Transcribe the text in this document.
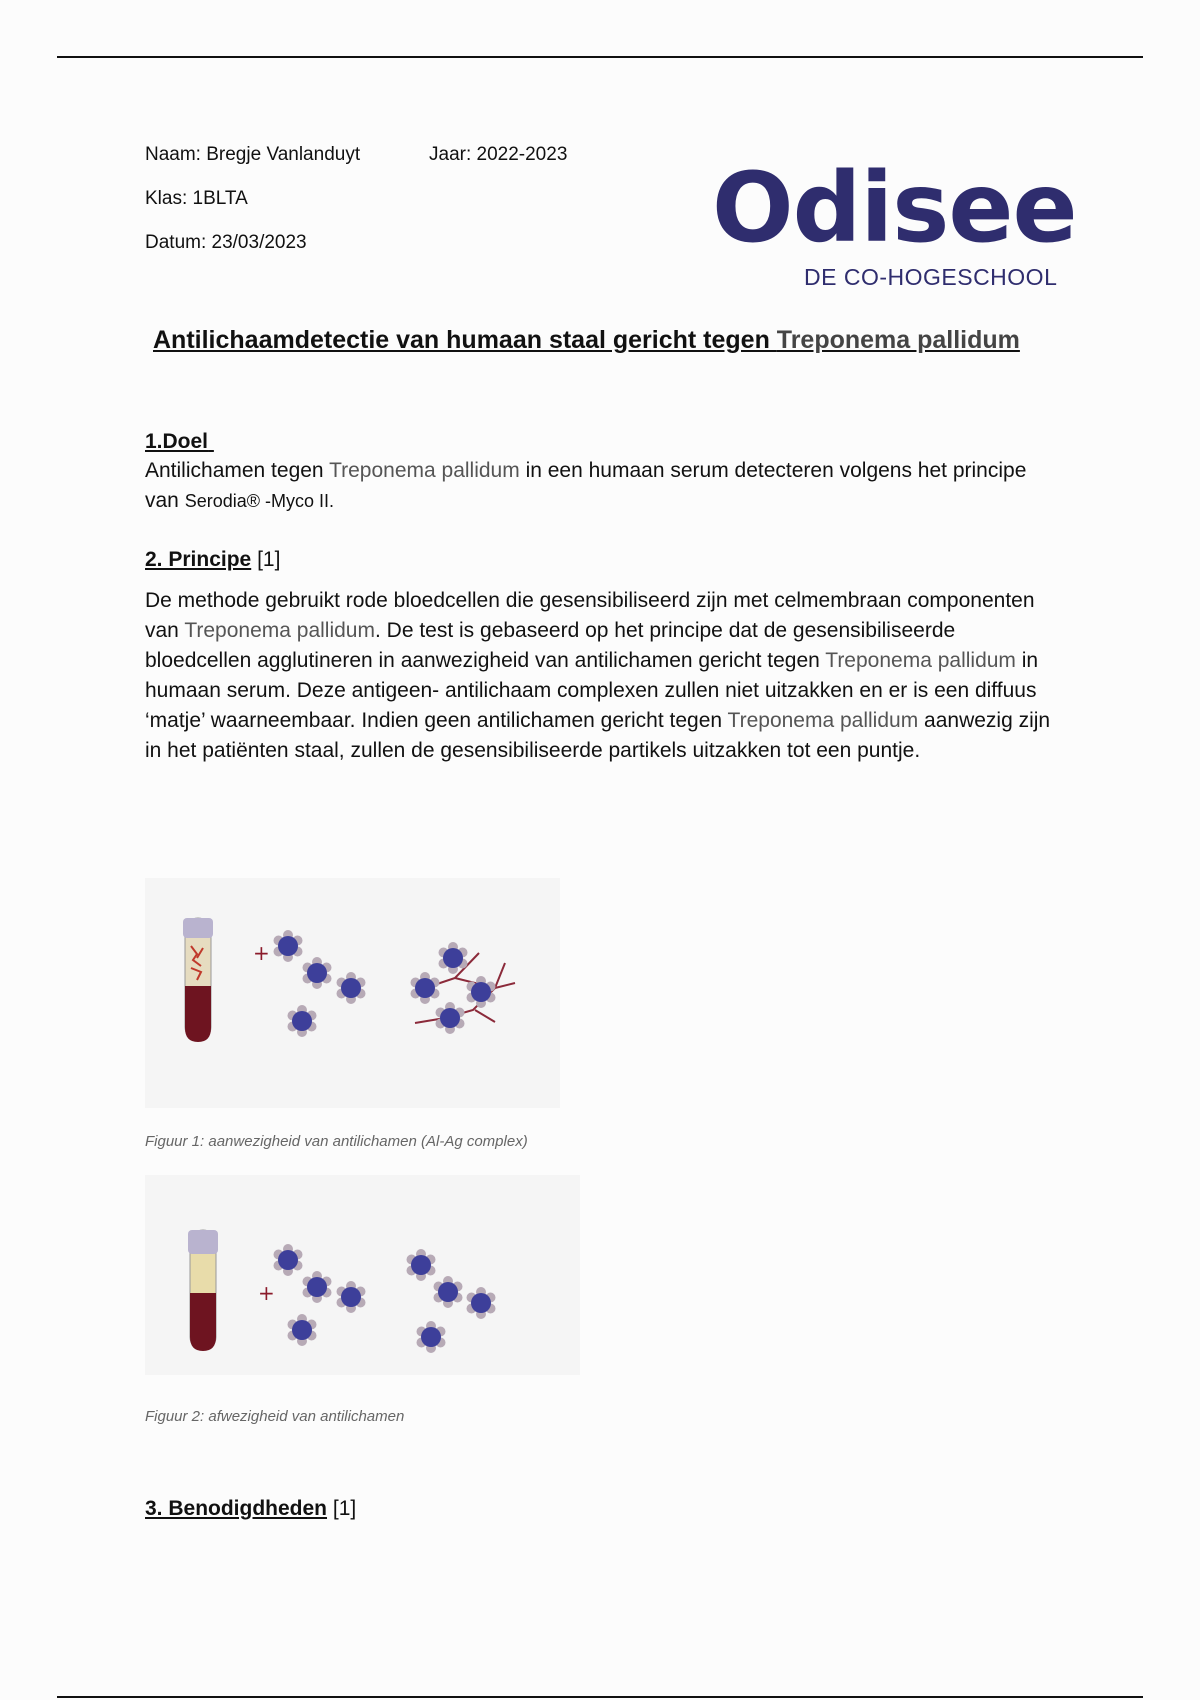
Naam: Bregje Vanlanduyt	Jaar: 2022-2023
Klas: 1BLTA
Datum: 23/03/2023	Odisee
DE CO-HOGESCHOOL
Antilichaamdetectie van humaan staal gericht tegen Treponema pallidum
1.Doel
Antilichamen tegen Treponema pallidum in een humaan serum detecteren volgens het principe van Serodia® -Myco II.
2. Principe [1]
De methode gebruikt rode bloedcellen die gesensibiliseerd zijn met celmembraan componenten van Treponema pallidum. De test is gebaseerd op het principe dat de gesensibiliseerde bloedcellen agglutineren in aanwezigheid van antilichamen gericht tegen Treponema pallidum in humaan serum. Deze antigeen- antilichaam complexen zullen niet uitzakken en er is een diffuus ‘matje’ waarneembaar. Indien geen antilichamen gericht tegen Treponema pallidum aanwezig zijn in het patiënten staal, zullen de gesensibiliseerde partikels uitzakken tot een puntje.
+
Figuur 1: aanwezigheid van antilichamen (Al-Ag complex)
+
Figuur 2: afwezigheid van antilichamen
3. Benodigdheden [1]
